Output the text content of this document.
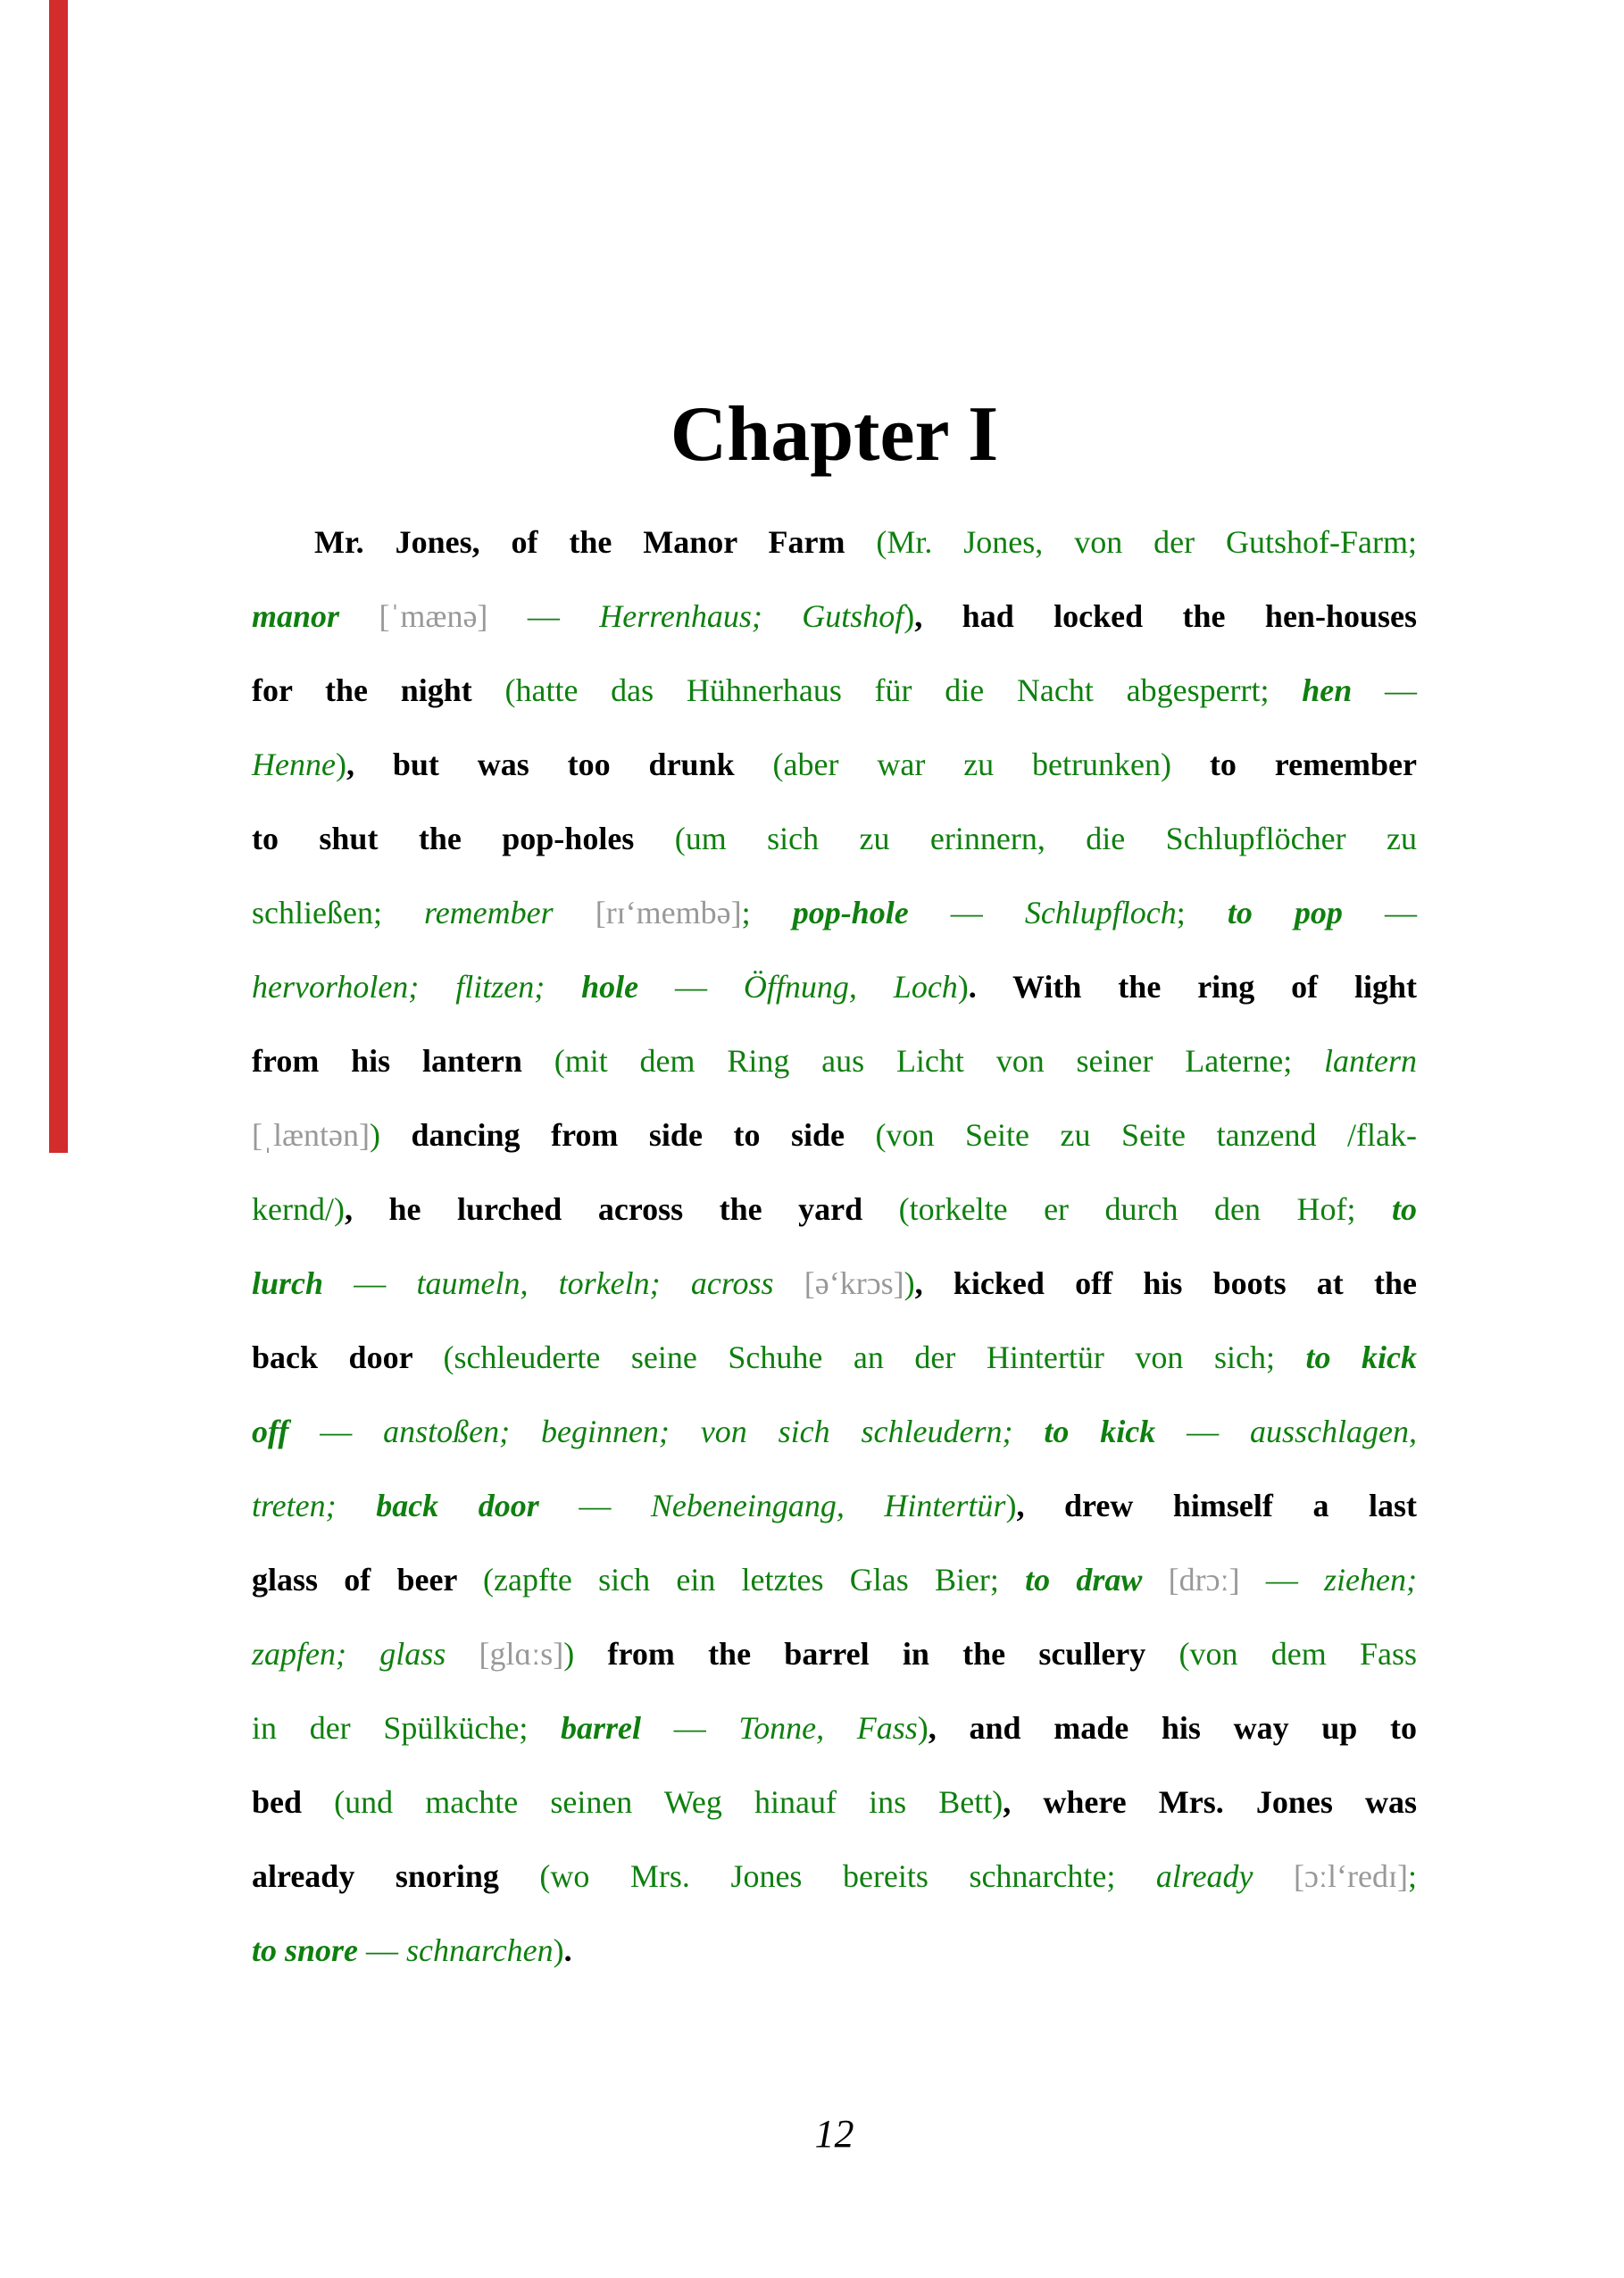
Chapter I
Mr. Jones, of the Manor Farm (Mr. Jones, von der Gutshof-Farm;
manor [ˈmænə] — Herrenhaus; Gutshof), had locked the hen-houses
for the night (hatte das Hühnerhaus für die Nacht abgesperrt; hen —
Henne), but was too drunk (aber war zu betrunken) to remember
to shut the pop-holes (um sich zu erinnern, die Schlupflöcher zu
schließen; remember [rɪʻmembə]; pop-hole — Schlupfloch; to pop —
hervorholen; flitzen; hole — Öffnung, Loch). With the ring of light
from his lantern (mit dem Ring aus Licht von seiner Laterne; lantern
[ˌlæntən]) dancing from side to side (von Seite zu Seite tanzend /flak-
kernd/), he lurched across the yard (torkelte er durch den Hof; to
lurch — taumeln, torkeln; across [əʻkrɔs]), kicked off his boots at the
back door (schleuderte seine Schuhe an der Hintertür von sich; to kick
off — anstoßen; beginnen; von sich schleudern; to kick — ausschlagen,
treten; back door — Nebeneingang, Hintertür), drew himself a last
glass of beer (zapfte sich ein letztes Glas Bier; to draw [drɔː] — ziehen;
zapfen; glass [glɑːs]) from the barrel in the scullery (von dem Fass
in der Spülküche; barrel — Tonne, Fass), and made his way up to
bed (und machte seinen Weg hinauf ins Bett), where Mrs. Jones was
already snoring (wo Mrs. Jones bereits schnarchte; already [ɔːlʻredɪ];
to snore — schnarchen).
12
